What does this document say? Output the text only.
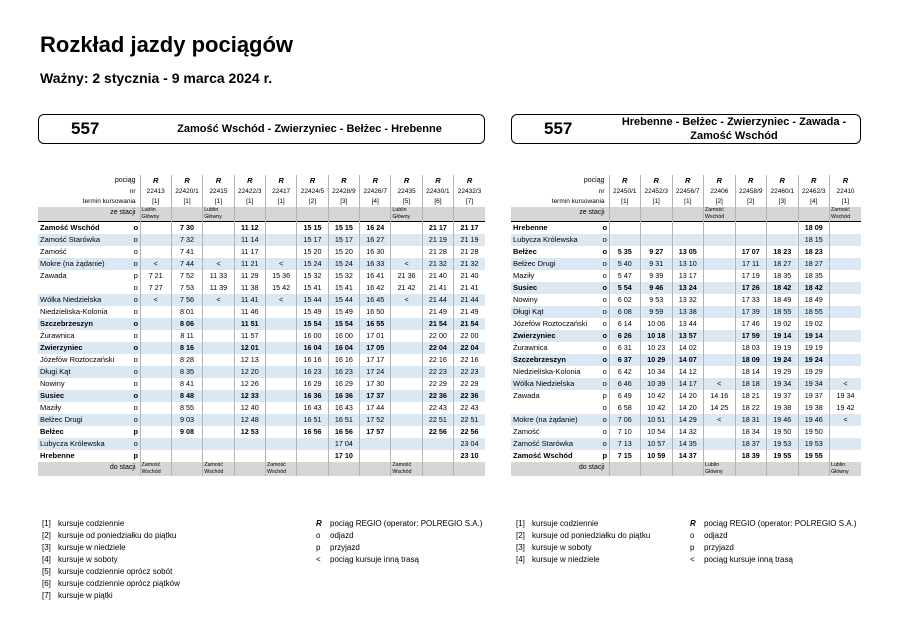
Rozkład jazdy pociągów
Ważny: 2 stycznia - 9 marca 2024 r.
557	Zamość Wschód - Zwierzyniec - Bełżec - Hrebenne	557	Hrebenne - Bełżec - Zwierzyniec - Zawada - Zamość Wschód
pociąg		R	R	R	R	R	R	R	R	R	R	R
nr		22413	22420/1	22415	22422/3	22417	22424/5	22428/9	22426/7	22435	22430/1	22432/3
termin kursowania		[1]	[1]	[1]	[1]	[1]	[2]	[3]	[4]	[5]	[6]	[7]
ze stacji		Lublin Główny		Lublin Główny						Lublin Główny		
Zamość Wschód	o		7 30		11 12		15 15	15 15	16 24		21 17	21 17
Zamość Starówka	o		7 32		11 14		15 17	15 17	16 27		21 19	21 19
Zamość	o		7 41		11 17		15 20	15 20	16 30		21 28	21 28
Mokre (na żądanie)	o	<	7 44	<	11 21	<	15 24	15 24	16 33	<	21 32	21 32
Zawada	p	7 21	7 52	11 33	11 29	15 36	15 32	15 32	16 41	21 36	21 40	21 40
	o	7 27	7 53	11 39	11 38	15 42	15 41	15 41	16 42	21 42	21 41	21 41
Wólka Niedzielska	o	<	7 56	<	11 41	<	15 44	15 44	16 45	<	21 44	21 44
Niedzieliska-Kolonia	o		8 01		11 46		15 49	15 49	16 50		21 49	21 49
Szczebrzeszyn	o		8 06		11 51		15 54	15 54	16 55		21 54	21 54
Żurawnica	o		8 11		11 57		16 00	16 00	17 01		22 00	22 00
Zwierzyniec	o		8 16		12 01		16 04	16 04	17 05		22 04	22 04
Józefów Roztoczański	o		8 28		12 13		16 16	16 16	17 17		22 16	22 16
Długi Kąt	o		8 35		12 20		16 23	16 23	17 24		22 23	22 23
Nowiny	o		8 41		12 26		16 29	16 29	17 30		22 29	22 29
Susiec	o		8 48		12 33		16 36	16 36	17 37		22 36	22 36
Maziły	o		8 55		12 40		16 43	16 43	17 44		22 43	22 43
Bełżec Drugi	o		9 03		12 48		16 51	16 51	17 52		22 51	22 51
Bełżec	p		9 08		12 53		16 56	16 56	17 57		22 56	22 56
Lubycza Królewska	o							17 04				23 04
Hrebenne	p							17 10				23 10
do stacji		Zamość Wschód		Zamość Wschód		Zamość Wschód				Zamość Wschód		
pociąg		R	R	R	R	R	R	R	R
nr		22450/1	22452/3	22456/7	22406	22458/9	22460/1	22462/3	22410
termin kursowania		[1]	[1]	[1]	[2]	[2]	[3]	[4]	[1]
ze stacji					Zamość Wschód				Zamość Wschód
Hrebenne	o							18 09	
Lubycza Królewska	o							18 15	
Bełżec	o	5 35	9 27	13 05		17 07	18 23	18 23	
Bełżec Drugi	o	5 40	9 31	13 10		17 11	18 27	18 27	
Maziły	o	5 47	9 39	13 17		17 19	18 35	18 35	
Susiec	o	5 54	9 46	13 24		17 26	18 42	18 42	
Nowiny	o	6 02	9 53	13 32		17 33	18 49	18 49	
Długi Kąt	o	6 08	9 59	13 38		17 39	18 55	18 55	
Józefów Roztoczański	o	6 14	10 06	13 44		17 46	19 02	19 02	
Zwierzyniec	o	6 26	10 18	13 57		17 59	19 14	19 14	
Żurawnica	o	6 31	10 23	14 02		18 03	19 19	19 19	
Szczebrzeszyn	o	6 37	10 29	14 07		18 09	19 24	19 24	
Niedzieliska-Kolonia	o	6 42	10 34	14 12		18 14	19 29	19 29	
Wólka Niedzielska	o	6 46	10 39	14 17	<	18 18	19 34	19 34	<
Zawada	p	6 49	10 42	14 20	14 16	18 21	19 37	19 37	19 34
	o	6 58	10 42	14 20	14 25	18 22	19 38	19 38	19 42
Mokre (na żądanie)	o	7 06	10 51	14 29	<	18 31	19 46	19 46	<
Zamość	o	7 10	10 54	14 32		18 34	19 50	19 50	
Zamość Starówka	o	7 13	10 57	14 35		18 37	19 53	19 53	
Zamość Wschód	p	7 15	10 59	14 37		18 39	19 55	19 55	
do stacji					Lublin Główny				Lublin Główny
[1] kursuje codziennie
[2] kursuje od poniedziałku do piątku
[3] kursuje w niedziele
[4] kursuje w soboty
[5] kursuje codziennie oprócz sobót
[6] kursuje codziennie oprócz piątków
[7] kursuje w piątki
R pociąg REGIO (operator: POLREGIO S.A.)
o odjazd
p przyjazd
< pociąg kursuje inną trasą
[1] kursuje codziennie
[2] kursuje od poniedziałku do piątku
[3] kursuje w soboty
[4] kursuje w niedziele
R pociąg REGIO (operator: POLREGIO S.A.)
o odjazd
p przyjazd
< pociąg kursuje inną trasą
